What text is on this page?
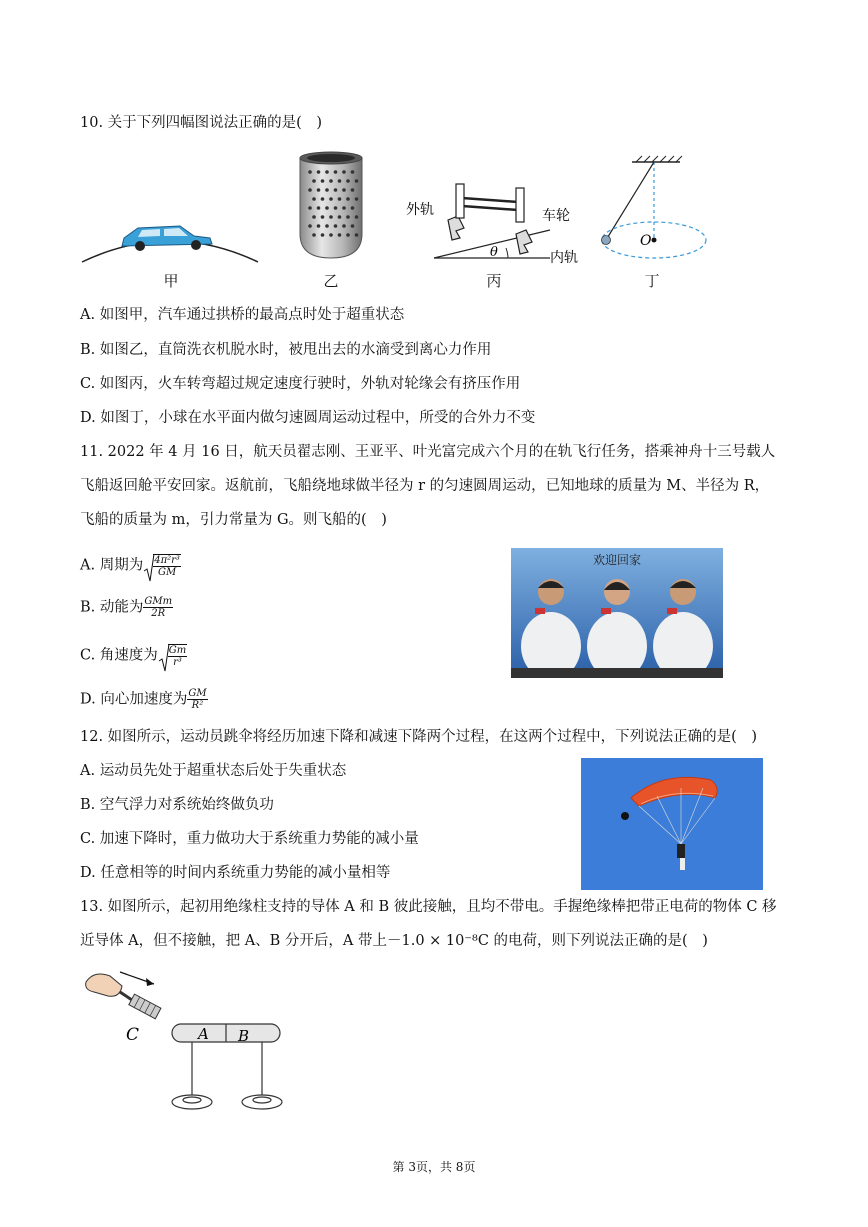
10. 关于下列四幅图说法正确的是(　)
甲	乙
外轨	车轮
θ	内轨
丙
O
丁
A. 如图甲，汽车通过拱桥的最高点时处于超重状态
B. 如图乙，直筒洗衣机脱水时，被甩出去的水滴受到离心力作用
C. 如图丙，火车转弯超过规定速度行驶时，外轨对轮缘会有挤压作用
D. 如图丁，小球在水平面内做匀速圆周运动过程中，所受的合外力不变
11. 2022 年 4 月 16 日，航天员翟志刚、王亚平、叶光富完成六个月的在轨飞行任务，搭乘神舟十三号载人
飞船返回舱平安回家。返航前，飞船绕地球做半径为 r 的匀速圆周运动，已知地球的质量为 M、半径为 R，
飞船的质量为 m，引力常量为 G。则飞船的(　)
A. 周期为 $\frac{\text{4π²r³}}{GM}$
B. 动能为 $\frac{\text{GMm}}{2R}$
C. 角速度为 $\frac{Gm}{\text{r³}}$
D. 向心加速度为 $\frac{GM}{\text{R²}}$
欢迎回家
12. 如图所示，运动员跳伞将经历加速下降和减速下降两个过程，在这两个过程中，下列说法正确的是(　)
A. 运动员先处于超重状态后处于失重状态
B. 空气浮力对系统始终做负功
C. 加速下降时，重力做功大于系统重力势能的减小量
D. 任意相等的时间内系统重力势能的减小量相等
13. 如图所示，起初用绝缘柱支持的导体 A 和 B 彼此接触，且均不带电。手握绝缘棒把带正电荷的物体 C 移
近导体 A，但不接触，把 A、B 分开后，A 带上－1.0 × 10⁻⁸C 的电荷，则下列说法正确的是(　)
C	A B
第 3页，共 8页
